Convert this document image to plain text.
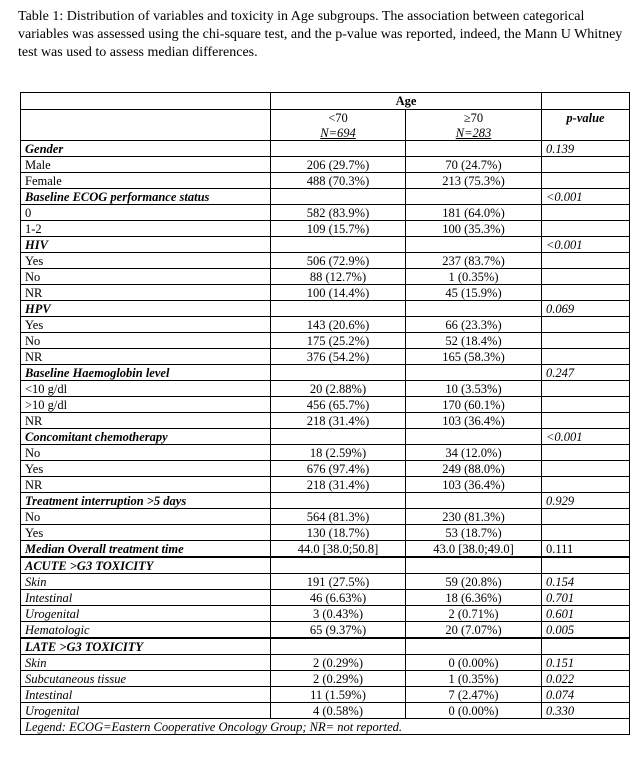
Table 1: Distribution of variables and toxicity in Age subgroups. The association between categorical variables was assessed using the chi-square test, and the p-value was reported, indeed, the Mann U Whitney test was used to assess median differences.
	Age		
	<70	≥70	p-value
	N=694	N=283	
Gender			0.139
Male	206 (29.7%)	70 (24.7%)	
Female	488 (70.3%)	213 (75.3%)	
Baseline ECOG performance status			<0.001
0	582 (83.9%)	181 (64.0%)	
1-2	109 (15.7%)	100 (35.3%)	
HIV			<0.001
Yes	506 (72.9%)	237 (83.7%)	
No	88 (12.7%)	1 (0.35%)	
NR	100 (14.4%)	45 (15.9%)	
HPV			0.069
Yes	143 (20.6%)	66 (23.3%)	
No	175 (25.2%)	52 (18.4%)	
NR	376 (54.2%)	165 (58.3%)	
Baseline Haemoglobin level			0.247
<10 g/dl	20 (2.88%)	10 (3.53%)	
>10 g/dl	456 (65.7%)	170 (60.1%)	
NR	218 (31.4%)	103 (36.4%)	
Concomitant chemotherapy			<0.001
No	18 (2.59%)	34 (12.0%)	
Yes	676 (97.4%)	249 (88.0%)	
NR	218 (31.4%)	103 (36.4%)	
Treatment interruption >5 days			0.929
No	564 (81.3%)	230 (81.3%)	
Yes	130 (18.7%)	53 (18.7%)	
Median Overall treatment time	44.0 [38.0;50.8]	43.0 [38.0;49.0]	0.111
ACUTE >G3 TOXICITY			
Skin	191 (27.5%)	59 (20.8%)	0.154
Intestinal	46 (6.63%)	18 (6.36%)	0.701
Urogenital	3 (0.43%)	2 (0.71%)	0.601
Hematologic	65 (9.37%)	20 (7.07%)	0.005
LATE >G3 TOXICITY			
Skin	2 (0.29%)	0 (0.00%)	0.151
Subcutaneous tissue	2 (0.29%)	1 (0.35%)	0.022
Intestinal	11 (1.59%)	7 (2.47%)	0.074
Urogenital	4 (0.58%)	0 (0.00%)	0.330
Legend: ECOG=Eastern Cooperative Oncology Group; NR= not reported.			
